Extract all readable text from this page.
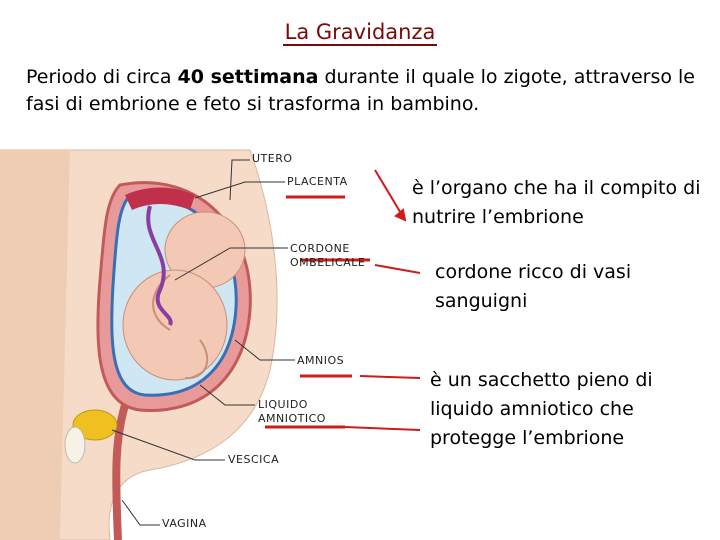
La Gravidanza
Periodo di circa 40 settimana durante il quale lo zigote, attraverso le fasi di embrione e feto si trasforma in bambino.
UTERO
PLACENTA
CORDONE
OMBELICALE
AMNIOS
LIQUIDO
AMNIOTICO
VESCICA
VAGINA
è l’organo che ha il compito di nutrire l’embrione
cordone ricco di vasi sanguigni
è un sacchetto pieno di liquido amniotico che protegge l’embrione
